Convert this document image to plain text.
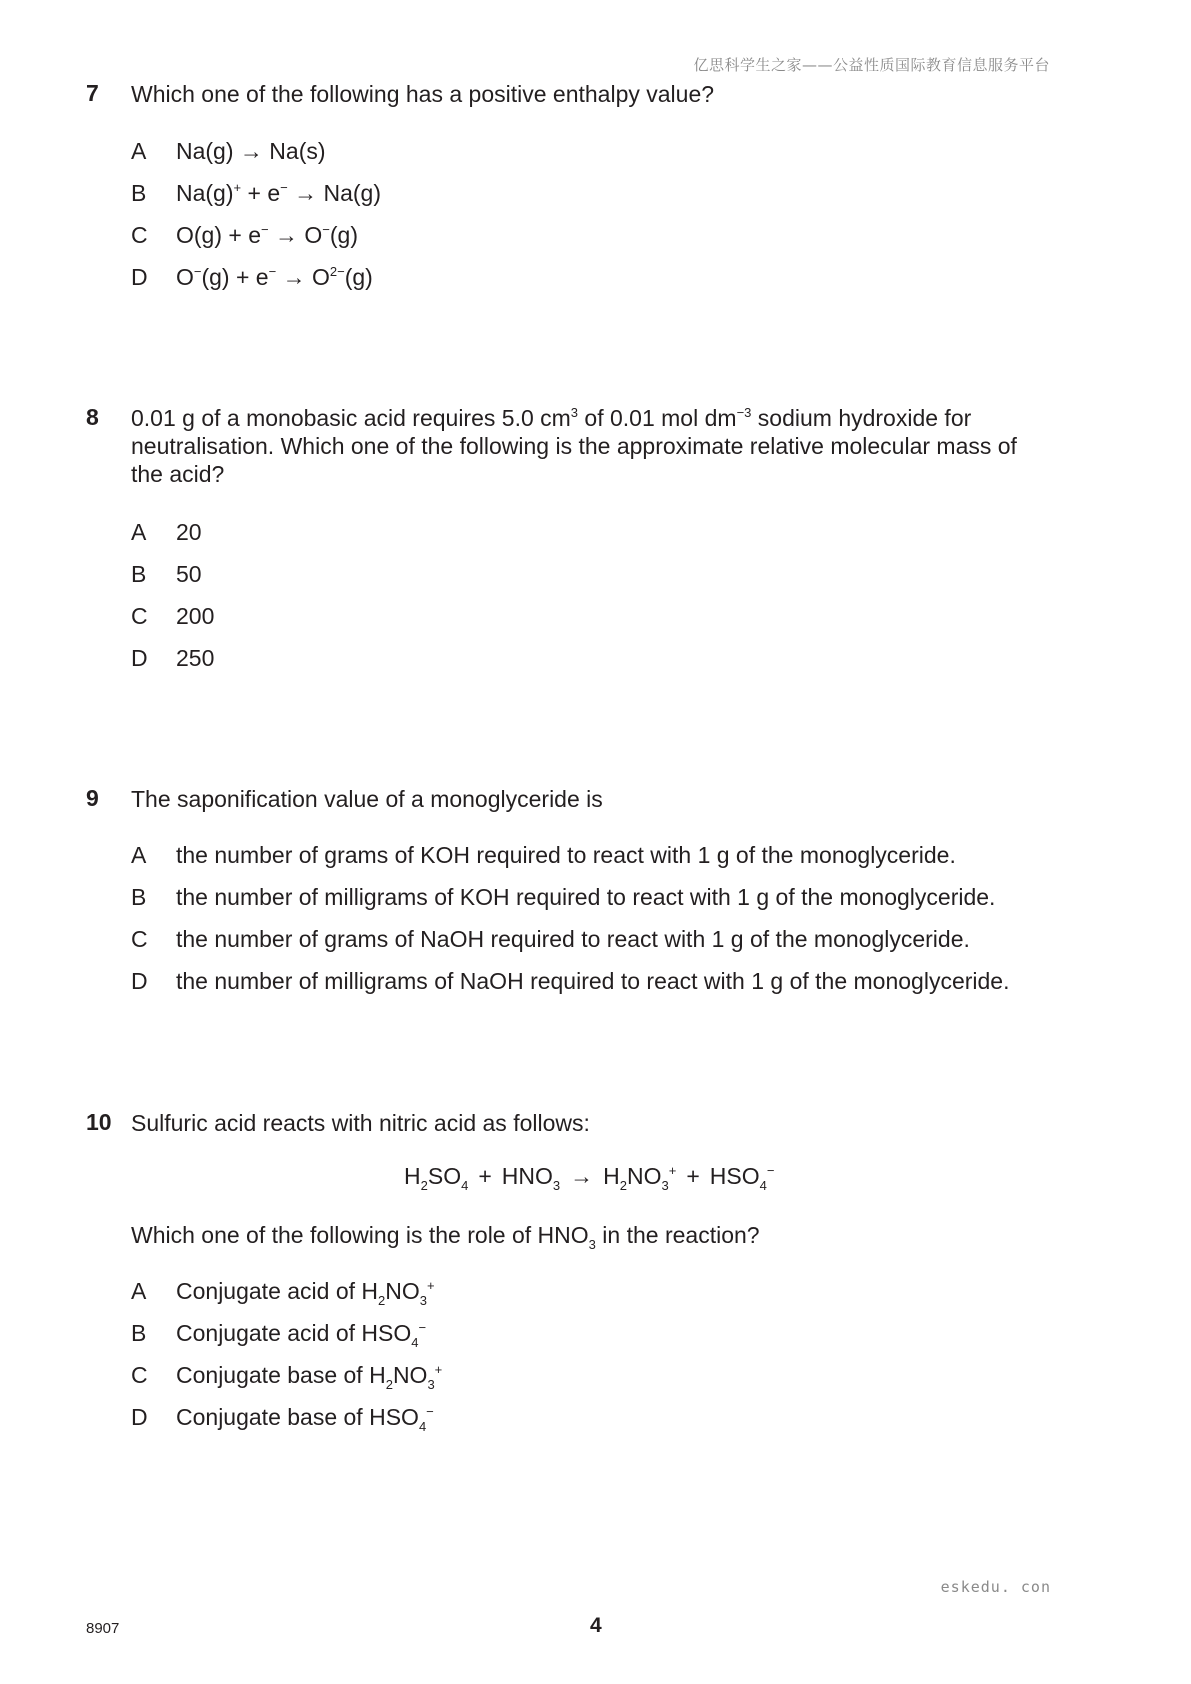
亿思科学生之家——公益性质国际教育信息服务平台
7 Which one of the following has a positive enthalpy value?
A Na(g) → Na(s)
B Na(g)+ + e− → Na(g)
C O(g) + e− → O−(g)
D $O^-(g) + e^- \to O^{2-}(g)$
8 0.01 g of a monobasic acid requires 5.0 $cm^3$ of 0.01 mol $dm^{-3}$ sodium hydroxide for neutralisation. Which one of the following is the approximate relative molecular mass of the acid?
A 20
B 50
C 200
D 250
9 The saponification value of a monoglyceride is
A the number of grams of KOH required to react with 1 g of the monoglyceride.
B the number of milligrams of KOH required to react with 1 g of the monoglyceride.
C the number of grams of NaOH required to react with 1 g of the monoglyceride.
D the number of milligrams of NaOH required to react with 1 g of the monoglyceride.
10 Sulfuric acid reacts with nitric acid as follows:
$H_2SO_4 + HNO_3 \to H_2NO_3^+ + HSO_4^-$
Which one of the following is the role of $HNO_3$ in the reaction?
A Conjugate acid of $H_2NO_3^+$
B Conjugate acid of $HSO_4^-$
C Conjugate base of $H_2NO_3^+$
D Conjugate base of $HSO_4^-$
eskedu. con
8907	4
